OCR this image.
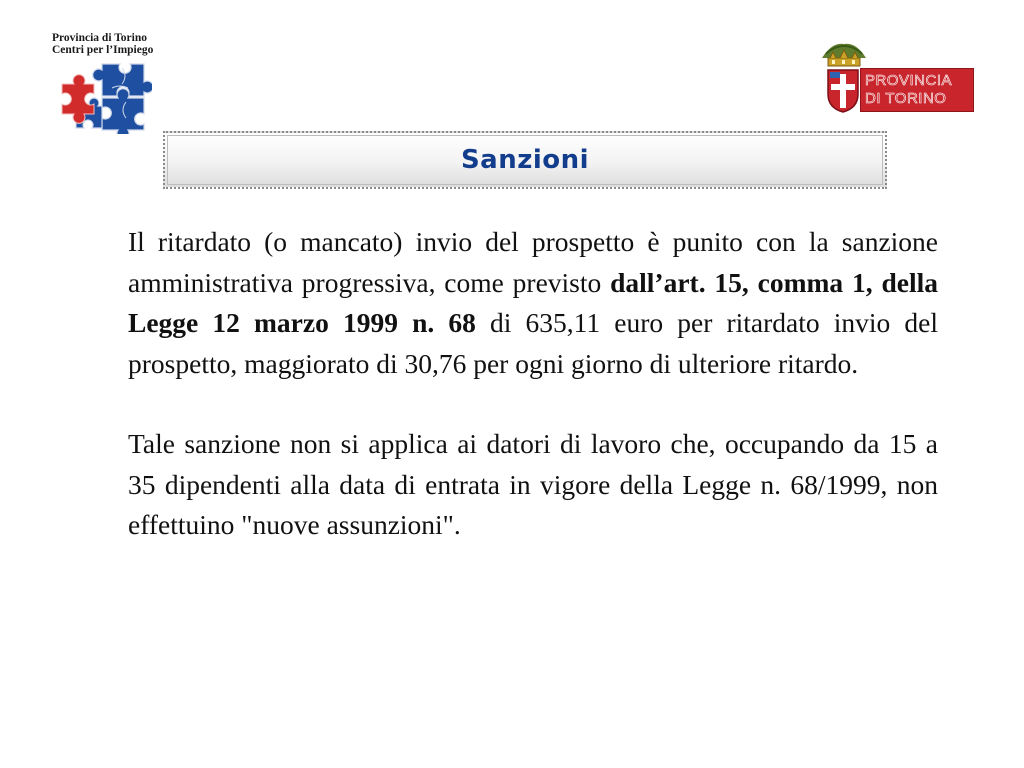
Provincia di Torino
Centri per l’Impiego
PROVINCIA
DI TORINO
Sanzioni

Il ritardato (o mancato) invio del prospetto è punito con la sanzione amministrativa progressiva, come previsto dall’art. 15, comma 1, della Legge 12 marzo 1999 n. 68 di 635,11 euro per ritardato invio del prospetto, maggiorato di 30,76 per ogni giorno di ulteriore ritardo.

Tale sanzione non si applica ai datori di lavoro che, occupando da 15 a 35 dipendenti alla data di entrata in vigore della Legge n. 68/1999, non effettuino "nuove assunzioni".
